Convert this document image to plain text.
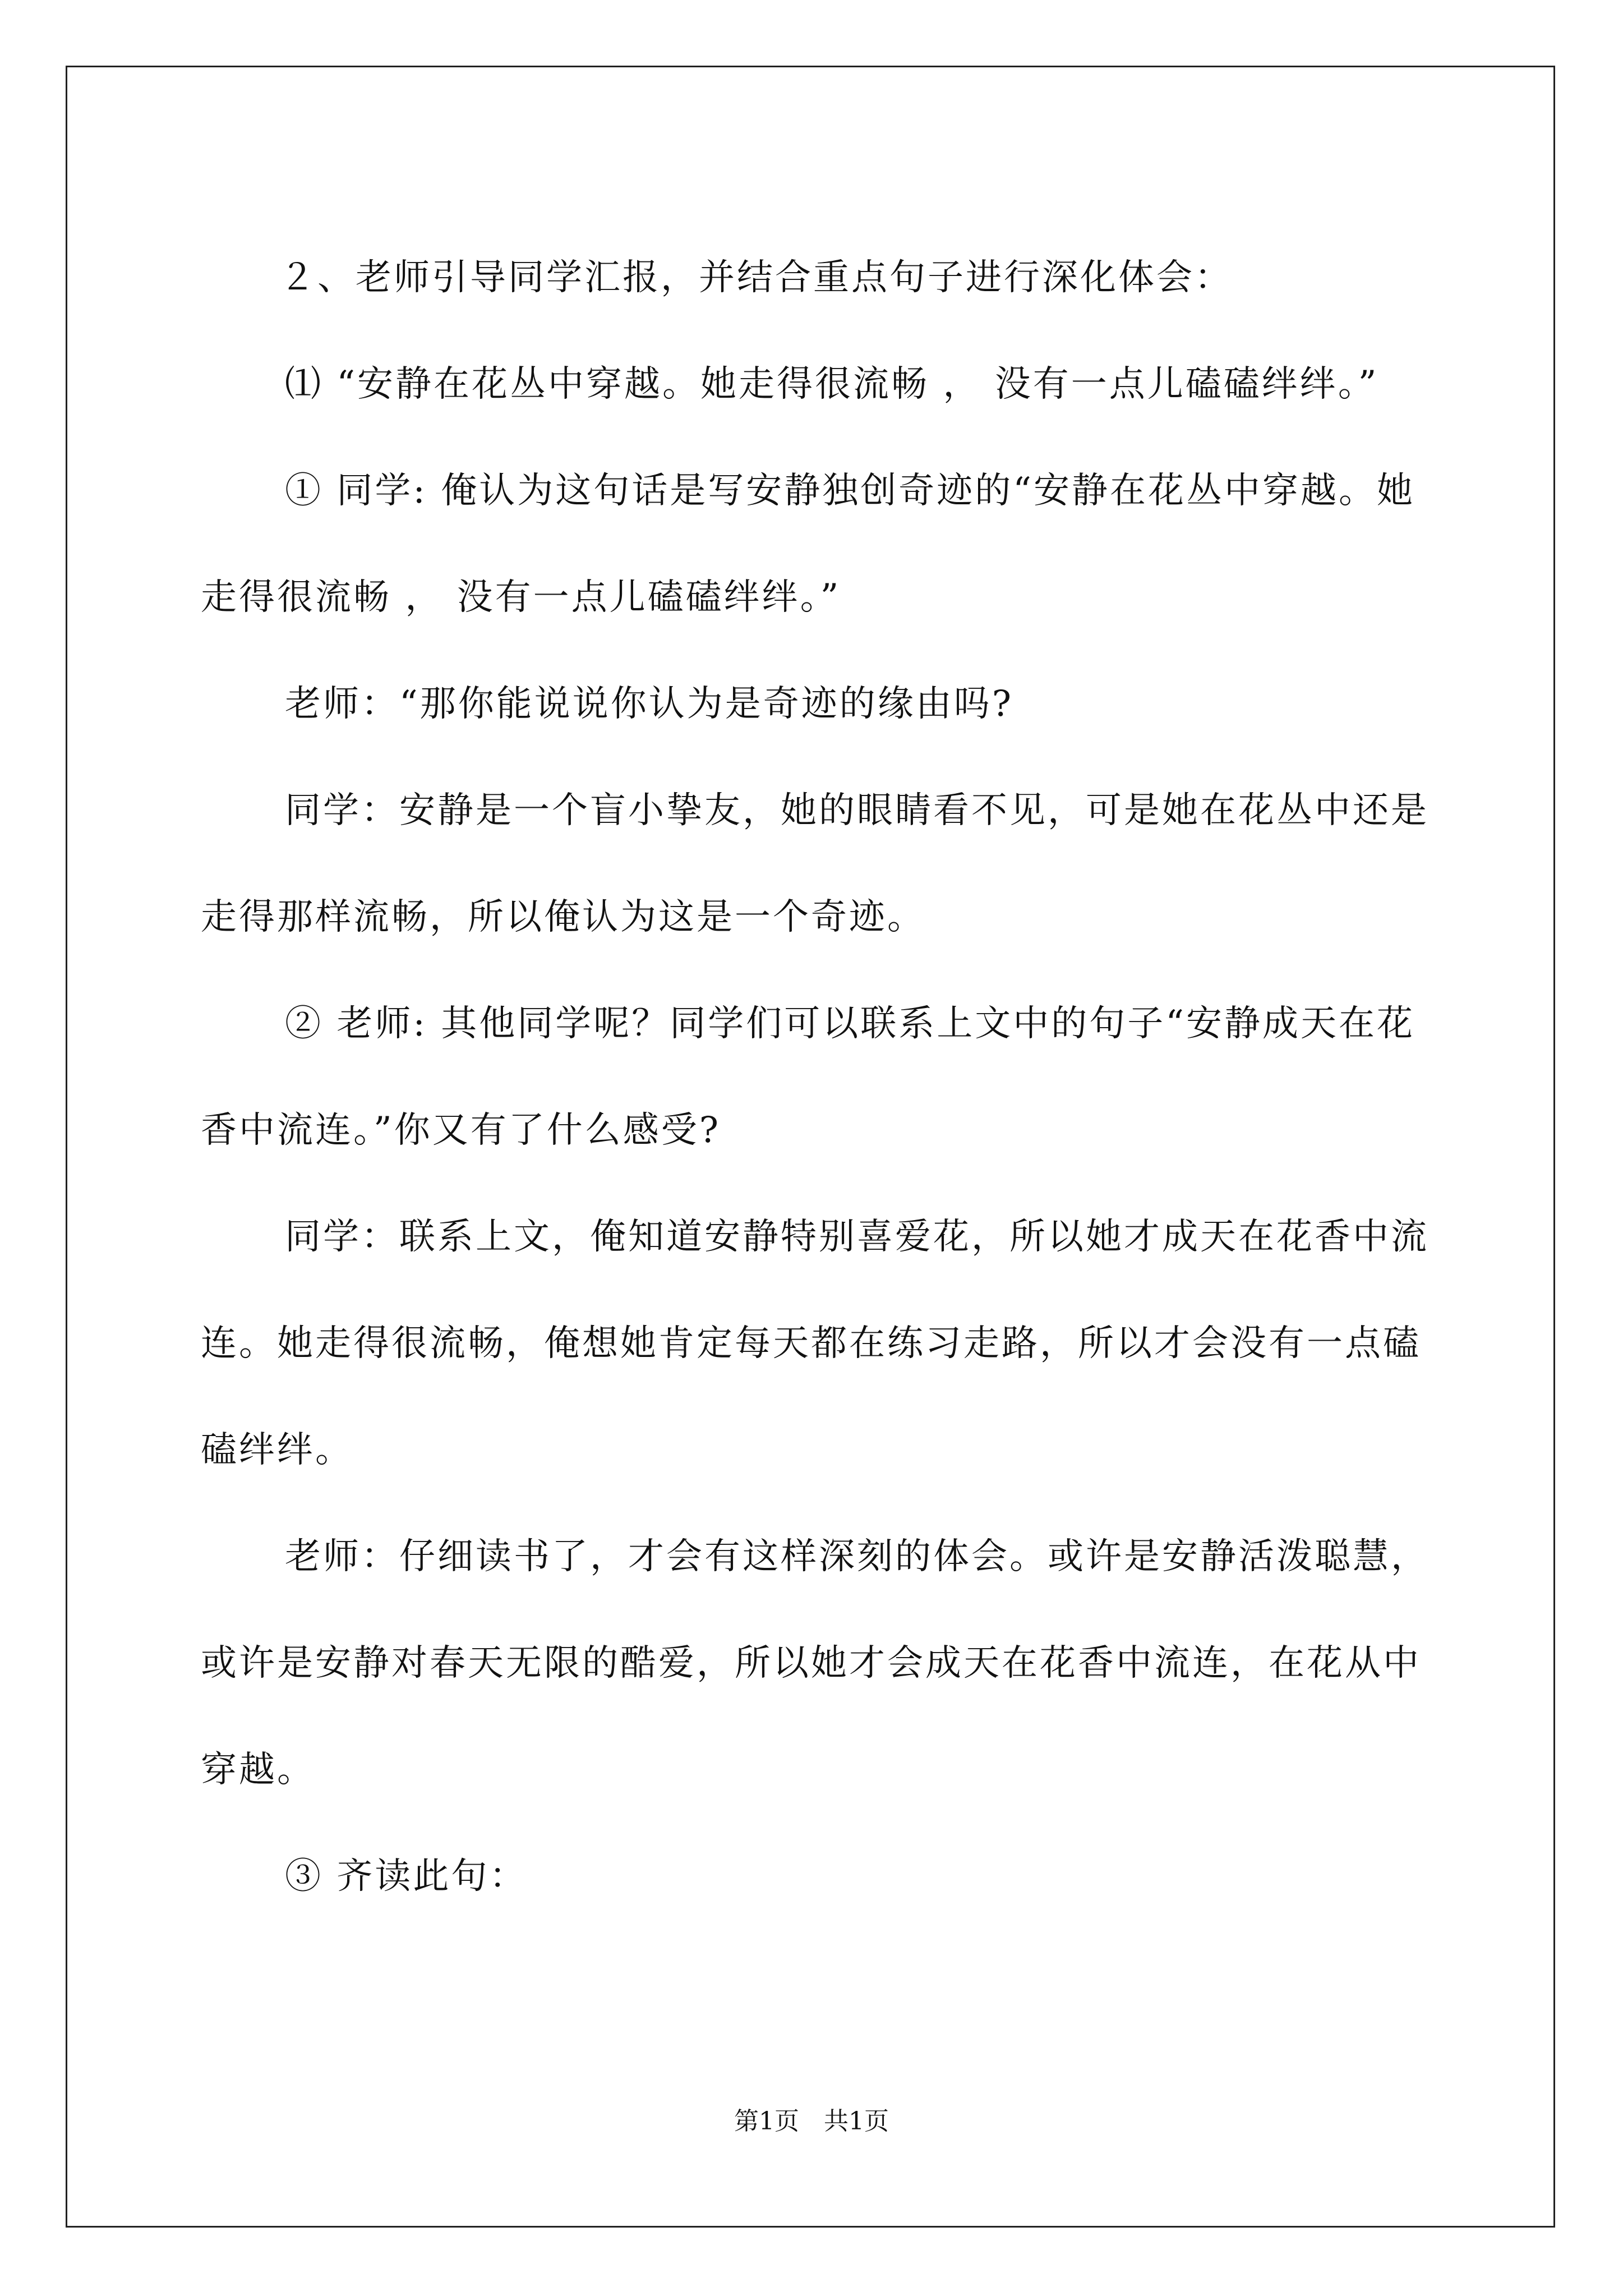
２、老师引导同学汇报，并结合重点句子进行深化体会：

⑴ “安静在花丛中穿越。她走得很流畅 ， 没有一点儿磕磕绊绊。”

① 同学: 俺认为这句话是写安静独创奇迹的“安静在花丛中穿越。她走得很流畅 ， 没有一点儿磕磕绊绊。”

老师：“那你能说说你认为是奇迹的缘由吗?

同学：安静是一个盲小挚友，她的眼睛看不见，可是她在花丛中还是走得那样流畅，所以俺认为这是一个奇迹。

② 老师: 其他同学呢？同学们可以联系上文中的句子“安静成天在花香中流连。”你又有了什么感受?

同学：联系上文，俺知道安静特别喜爱花，所以她才成天在花香中流连。她走得很流畅，俺想她肯定每天都在练习走路，所以才会没有一点磕磕绊绊。

老师：仔细读书了，才会有这样深刻的体会。或许是安静活泼聪慧，或许是安静对春天无限的酷爱，所以她才会成天在花香中流连，在花从中穿越。

③ 齐读此句：

第1页　共1页
